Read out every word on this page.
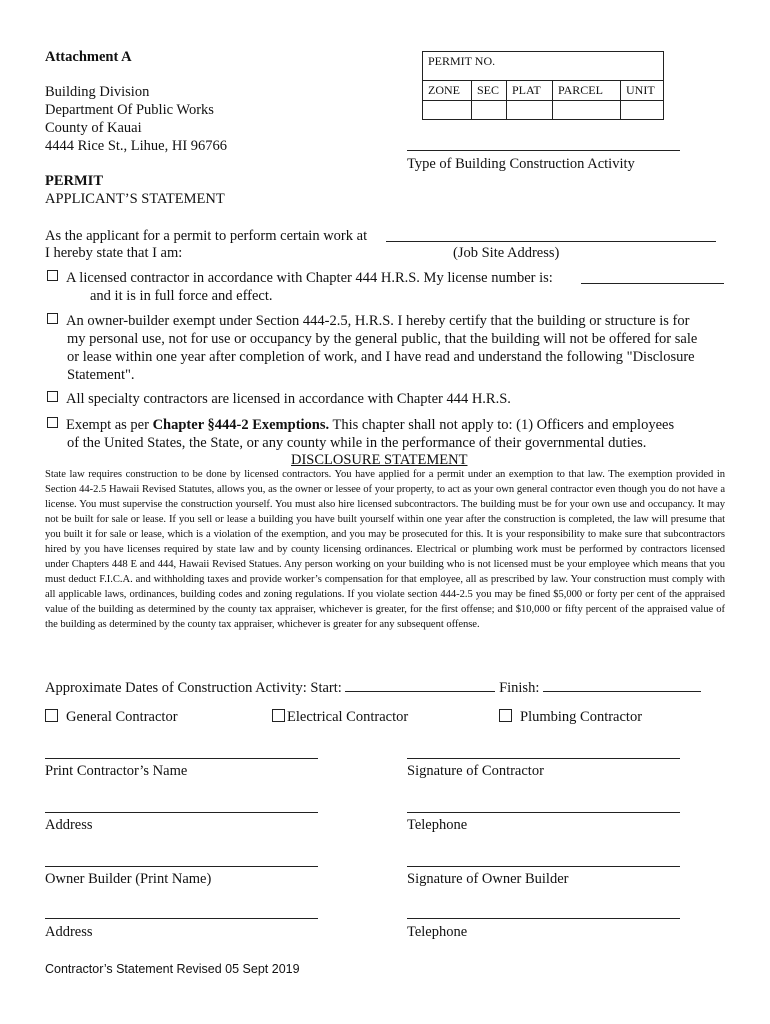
Attachment A
Building Division
Department Of Public Works
County of Kauai
4444 Rice St., Lihue, HI 96766
PERMIT NO.				
ZONE	SEC	PLAT	PARCEL	UNIT

Type of Building Construction Activity
PERMIT
APPLICANT’S STATEMENT
As the applicant for a permit to perform certain work at
I hereby state that I am:	(Job Site Address)
A licensed contractor in accordance with Chapter 444 H.R.S. My license number is:
and it is in full force and effect.
An owner-builder exempt under Section 444-2.5, H.R.S. I hereby certify that the building or structure is for
my personal use, not for use or occupancy by the general public, that the building will not be offered for sale
or lease within one year after completion of work, and I have read and understand the following "Disclosure
Statement".
All specialty contractors are licensed in accordance with Chapter 444 H.R.S.
Exempt as per Chapter §444-2 Exemptions. This chapter shall not apply to: (1) Officers and employees
of the United States, the State, or any county while in the performance of their governmental duties.
DISCLOSURE STATEMENT
State law requires construction to be done by licensed contractors. You have applied for a permit under an exemption to that law. The exemption provided in Section 44-2.5 Hawaii Revised Statutes, allows you, as the owner or lessee of your property, to act as your own general contractor even though you do not have a license. You must supervise the construction yourself. You must also hire licensed subcontractors. The building must be for your own use and occupancy. It may not be built for sale or lease. If you sell or lease a building you have built yourself within one year after the construction is completed, the law will presume that you built it for sale or lease, which is a violation of the exemption, and you may be prosecuted for this. It is your responsibility to make sure that subcontractors hired by you have licenses required by state law and by county licensing ordinances. Electrical or plumbing work must be performed by contractors licensed under Chapters 448 E and 444, Hawaii Revised Statues. Any person working on your building who is not licensed must be your employee which means that you must deduct F.I.C.A. and withholding taxes and provide worker’s compensation for that employee, all as prescribed by law. Your construction must comply with all applicable laws, ordinances, building codes and zoning regulations. If you violate section 444-2.5 you may be fined $5,000 or forty per cent of the appraised value of the building as determined by the county tax appraiser, whichever is greater, for the first offense; and $10,000 or fifty percent of the appraised value of the building as determined by the county tax appraiser, whichever is greater for any subsequent offense.
Approximate Dates of Construction Activity: Start:	Finish:
General Contractor	Electrical Contractor	Plumbing Contractor
Print Contractor’s Name	Signature of Contractor
Address	Telephone
Owner Builder (Print Name)	Signature of Owner Builder
Address	Telephone
Contractor’s Statement Revised 05 Sept 2019
